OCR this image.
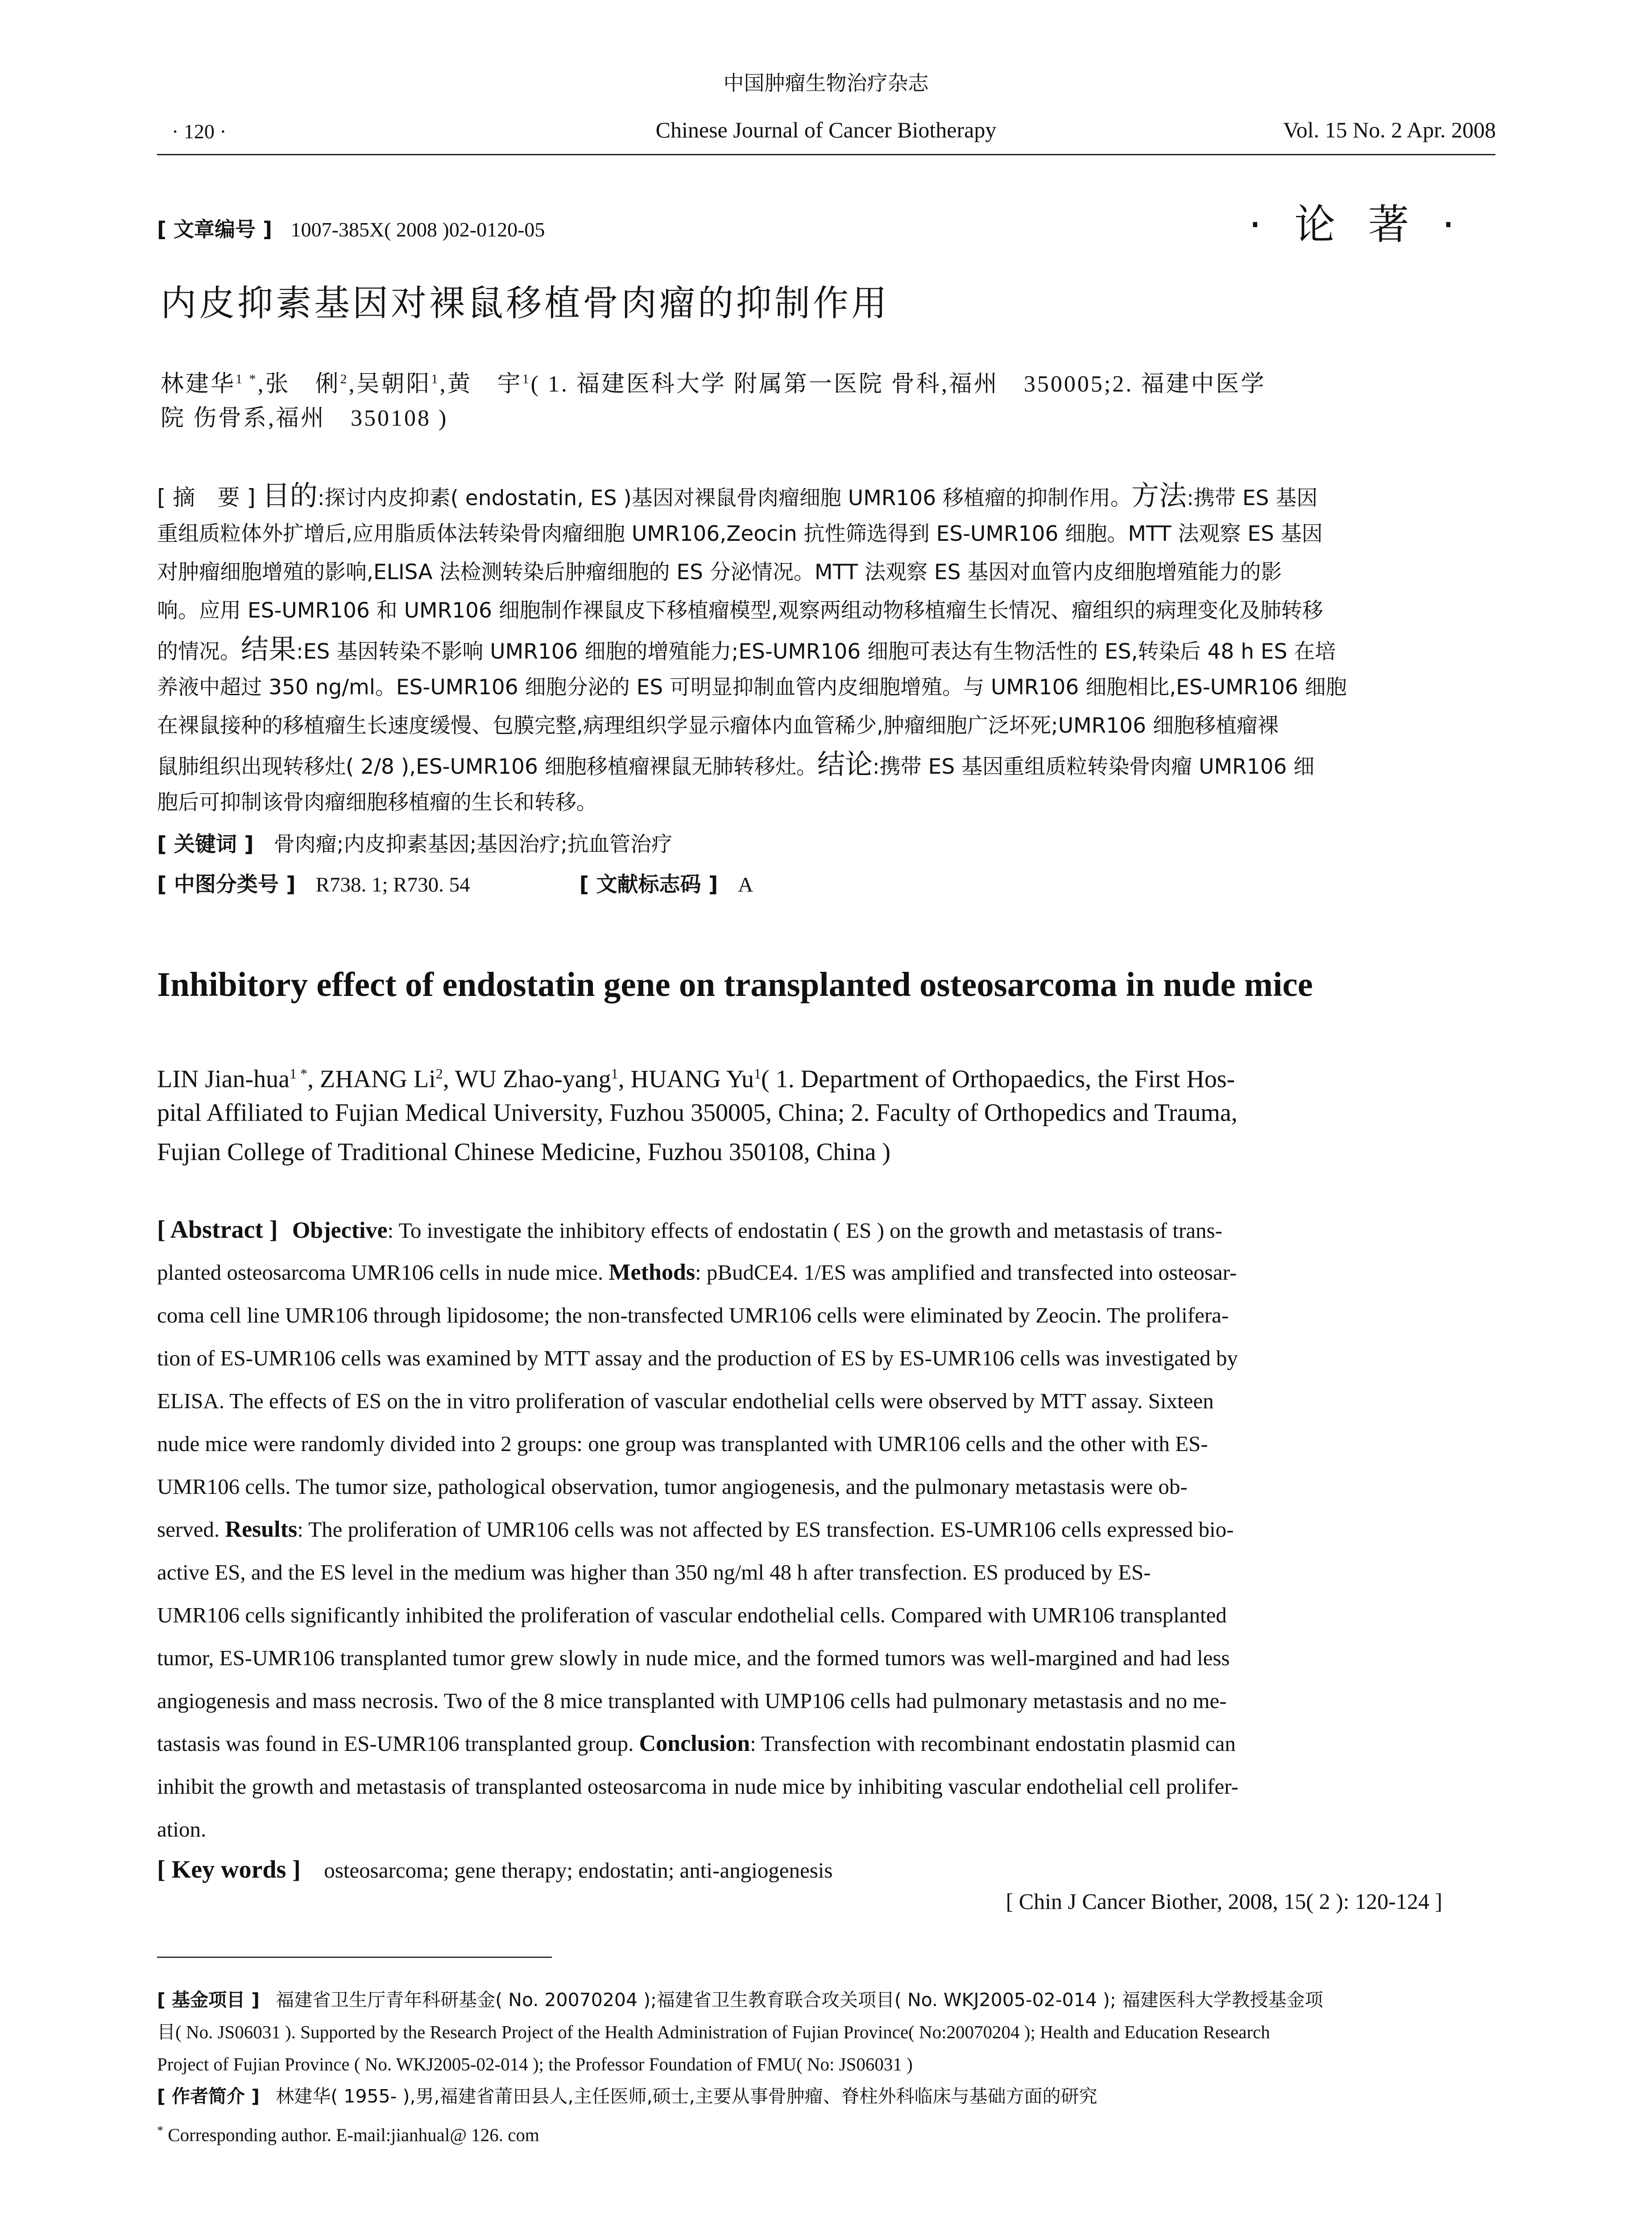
中国肿瘤生物治疗杂志
· 120 ·	Chinese Journal of Cancer Biotherapy	Vol. 15 No. 2 Apr. 2008
[ 文章编号 ] 1007-385X( 2008 )02-0120-05	· 论 著 ·
内皮抑素基因对裸鼠移植骨肉瘤的抑制作用
林建华$^{1 *}$,张　俐$^2$,吴朝阳$^1$,黄　宇$^1$( 1. 福建医科大学 附属第一医院 骨科,福州　350005;2. 福建中医学
院 伤骨系,福州　350108 )
[ 摘　要 ] 目的:探讨内皮抑素( endostatin, ES )基因对裸鼠骨肉瘤细胞 UMR106 移植瘤的抑制作用。方法:携带 ES 基因
重组质粒体外扩增后,应用脂质体法转染骨肉瘤细胞 UMR106,Zeocin 抗性筛选得到 ES-UMR106 细胞。MTT 法观察 ES 基因
对肿瘤细胞增殖的影响,ELISA 法检测转染后肿瘤细胞的 ES 分泌情况。MTT 法观察 ES 基因对血管内皮细胞增殖能力的影
响。应用 ES-UMR106 和 UMR106 细胞制作裸鼠皮下移植瘤模型,观察两组动物移植瘤生长情况、瘤组织的病理变化及肺转移
的情况。结果:ES 基因转染不影响 UMR106 细胞的增殖能力;ES-UMR106 细胞可表达有生物活性的 ES,转染后 48 h ES 在培
养液中超过 350 ng/ml。ES-UMR106 细胞分泌的 ES 可明显抑制血管内皮细胞增殖。与 UMR106 细胞相比,ES-UMR106 细胞
在裸鼠接种的移植瘤生长速度缓慢、包膜完整,病理组织学显示瘤体内血管稀少,肿瘤细胞广泛坏死;UMR106 细胞移植瘤裸
鼠肺组织出现转移灶( 2/8 ),ES-UMR106 细胞移植瘤裸鼠无肺转移灶。结论:携带 ES 基因重组质粒转染骨肉瘤 UMR106 细
胞后可抑制该骨肉瘤细胞移植瘤的生长和转移。
[ 关键词 ] 骨肉瘤;内皮抑素基因;基因治疗;抗血管治疗
[ 中图分类号 ] R738. 1; R730. 54	[ 文献标志码 ] A
Inhibitory effect of endostatin gene on transplanted osteosarcoma in nude mice
LIN Jian-hua$^{1 *}$, ZHANG Li$^2$, WU Zhao-yang$^1$, HUANG Yu$^1$( 1. Department of Orthopaedics, the First Hos-
pital Affiliated to Fujian Medical University, Fuzhou 350005, China; 2. Faculty of Orthopedics and Trauma,
Fujian College of Traditional Chinese Medicine, Fuzhou 350108, China )
[ Abstract ] Objective: To investigate the inhibitory effects of endostatin ( ES ) on the growth and metastasis of trans-
planted osteosarcoma UMR106 cells in nude mice. Methods: pBudCE4. 1/ES was amplified and transfected into osteosar-
coma cell line UMR106 through lipidosome; the non-transfected UMR106 cells were eliminated by Zeocin. The prolifera-
tion of ES-UMR106 cells was examined by MTT assay and the production of ES by ES-UMR106 cells was investigated by
ELISA. The effects of ES on the in vitro proliferation of vascular endothelial cells were observed by MTT assay. Sixteen
nude mice were randomly divided into 2 groups: one group was transplanted with UMR106 cells and the other with ES-
UMR106 cells. The tumor size, pathological observation, tumor angiogenesis, and the pulmonary metastasis were ob-
served. Results: The proliferation of UMR106 cells was not affected by ES transfection. ES-UMR106 cells expressed bio-
active ES, and the ES level in the medium was higher than 350 ng/ml 48 h after transfection. ES produced by ES-
UMR106 cells significantly inhibited the proliferation of vascular endothelial cells. Compared with UMR106 transplanted
tumor, ES-UMR106 transplanted tumor grew slowly in nude mice, and the formed tumors was well-margined and had less
angiogenesis and mass necrosis. Two of the 8 mice transplanted with UMP106 cells had pulmonary metastasis and no me-
tastasis was found in ES-UMR106 transplanted group. Conclusion: Transfection with recombinant endostatin plasmid can
inhibit the growth and metastasis of transplanted osteosarcoma in nude mice by inhibiting vascular endothelial cell prolifer-
ation.
[ Key words ] osteosarcoma; gene therapy; endostatin; anti-angiogenesis
[ Chin J Cancer Biother, 2008, 15( 2 ): 120-124 ]
[ 基金项目 ] 福建省卫生厅青年科研基金( No. 20070204 );福建省卫生教育联合攻关项目( No. WKJ2005-02-014 ); 福建医科大学教授基金项
目( No. JS06031 ). Supported by the Research Project of the Health Administration of Fujian Province( No:20070204 ); Health and Education Research
Project of Fujian Province ( No. WKJ2005-02-014 ); the Professor Foundation of FMU( No: JS06031 )
[ 作者简介 ] 林建华( 1955- ),男,福建省莆田县人,主任医师,硕士,主要从事骨肿瘤、脊柱外科临床与基础方面的研究
* Corresponding author. E-mail:jianhual@ 126. com
